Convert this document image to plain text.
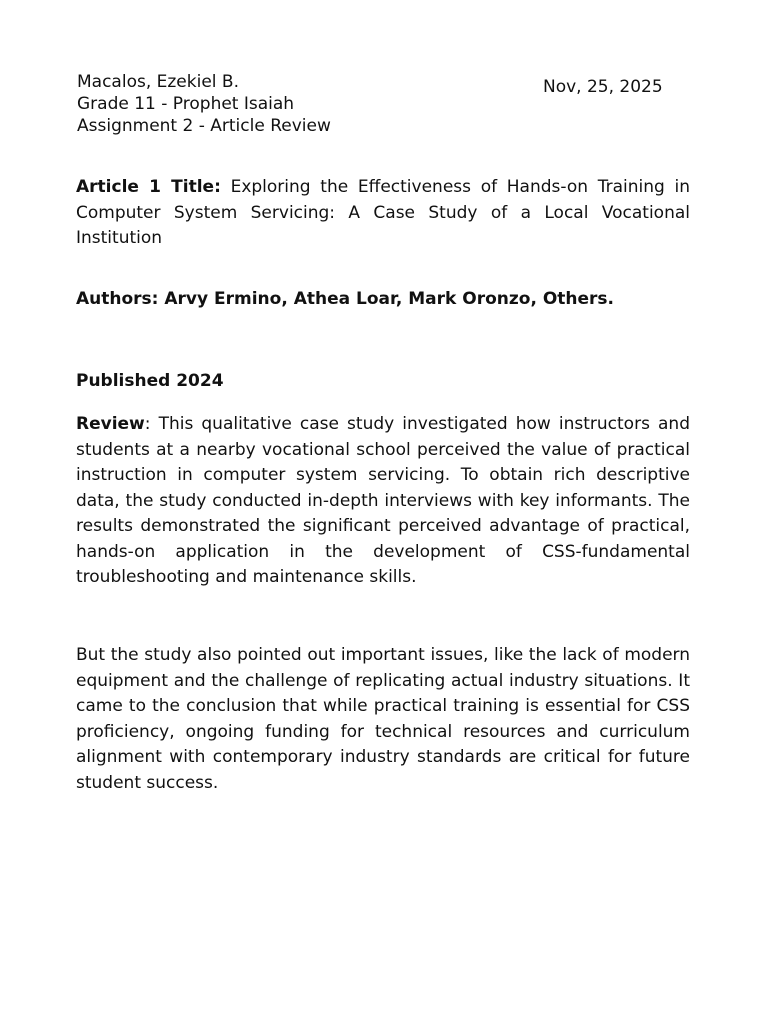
Macalos, Ezekiel B.
Grade 11 - Prophet Isaiah
Assignment 2 - Article Review
Nov, 25, 2025

Article 1 Title: Exploring the Effectiveness of Hands-on Training in Computer System Servicing: A Case Study of a Local Vocational Institution

Authors: Arvy Ermino, Athea Loar, Mark Oronzo, Others.

Published 2024

Review: This qualitative case study investigated how instructors and students at a nearby vocational school perceived the value of practical instruction in computer system servicing. To obtain rich descriptive data, the study conducted in-depth interviews with key informants. The results demonstrated the significant perceived advantage of practical, hands-on application in the development of CSS-fundamental troubleshooting and maintenance skills.

But the study also pointed out important issues, like the lack of modern equipment and the challenge of replicating actual industry situations. It came to the conclusion that while practical training is essential for CSS proficiency, ongoing funding for technical resources and curriculum alignment with contemporary industry standards are critical for future student success.
